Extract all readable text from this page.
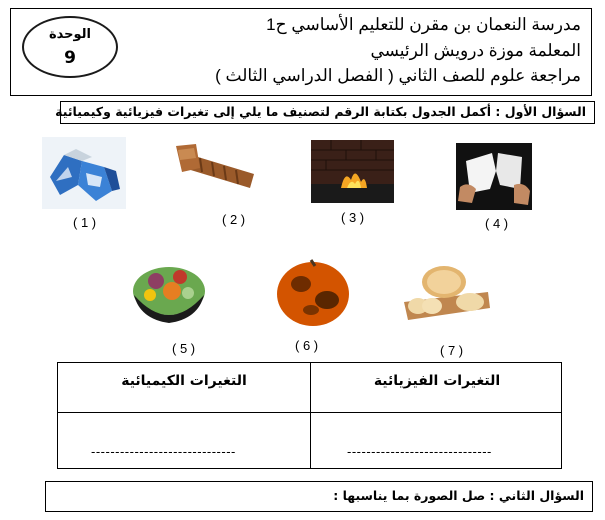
مدرسة النعمان بن مقرن للتعليم الأساسي ح1
المعلمة موزة درويش الرئيسي
مراجعة علوم للصف الثاني ( الفصل الدراسي الثالث )
الوحدة
9
السؤال الأول : أكمل الجدول بكتابة الرقم لتصنيف ما يلي إلى تغيرات فيزيائية وكيميائية
( 1 )	( 2 )	( 3 )	( 4 )
( 5 )	( 6 )	( 7 )
التغيرات الفيزيائية
التغيرات الكيميائية
------------------------------
------------------------------
السؤال الثاني : صل الصورة بما يناسبها :
